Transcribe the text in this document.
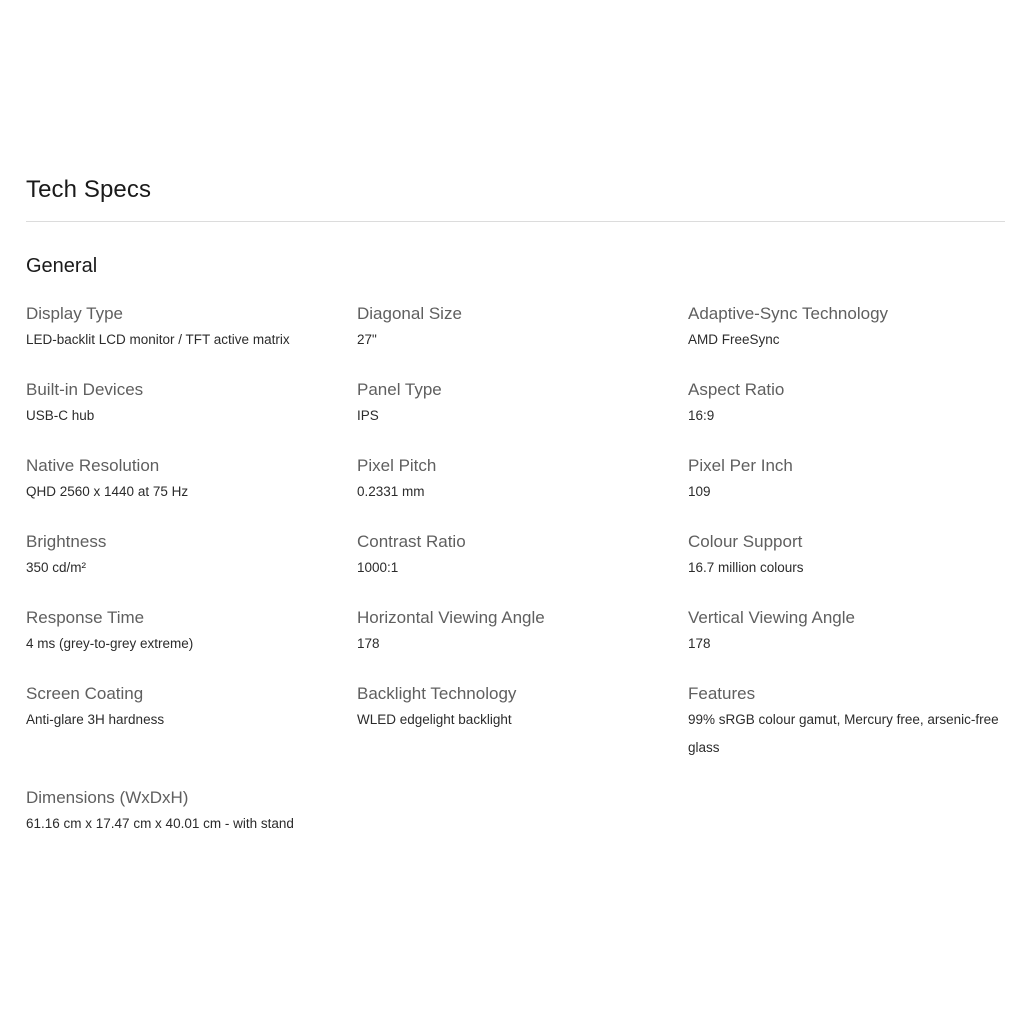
Tech Specs
General
Display Type
LED-backlit LCD monitor / TFT active matrix
Diagonal Size
27"
Adaptive-Sync Technology
AMD FreeSync
Built-in Devices
USB-C hub
Panel Type
IPS
Aspect Ratio
16:9
Native Resolution
QHD 2560 x 1440 at 75 Hz
Pixel Pitch
0.2331 mm
Pixel Per Inch
109
Brightness
350 cd/m²
Contrast Ratio
1000:1
Colour Support
16.7 million colours
Response Time
4 ms (grey-to-grey extreme)
Horizontal Viewing Angle
178
Vertical Viewing Angle
178
Screen Coating
Anti-glare 3H hardness
Backlight Technology
WLED edgelight backlight
Features
99% sRGB colour gamut, Mercury free, arsenic-free glass
Dimensions (WxDxH)
61.16 cm x 17.47 cm x 40.01 cm - with stand
